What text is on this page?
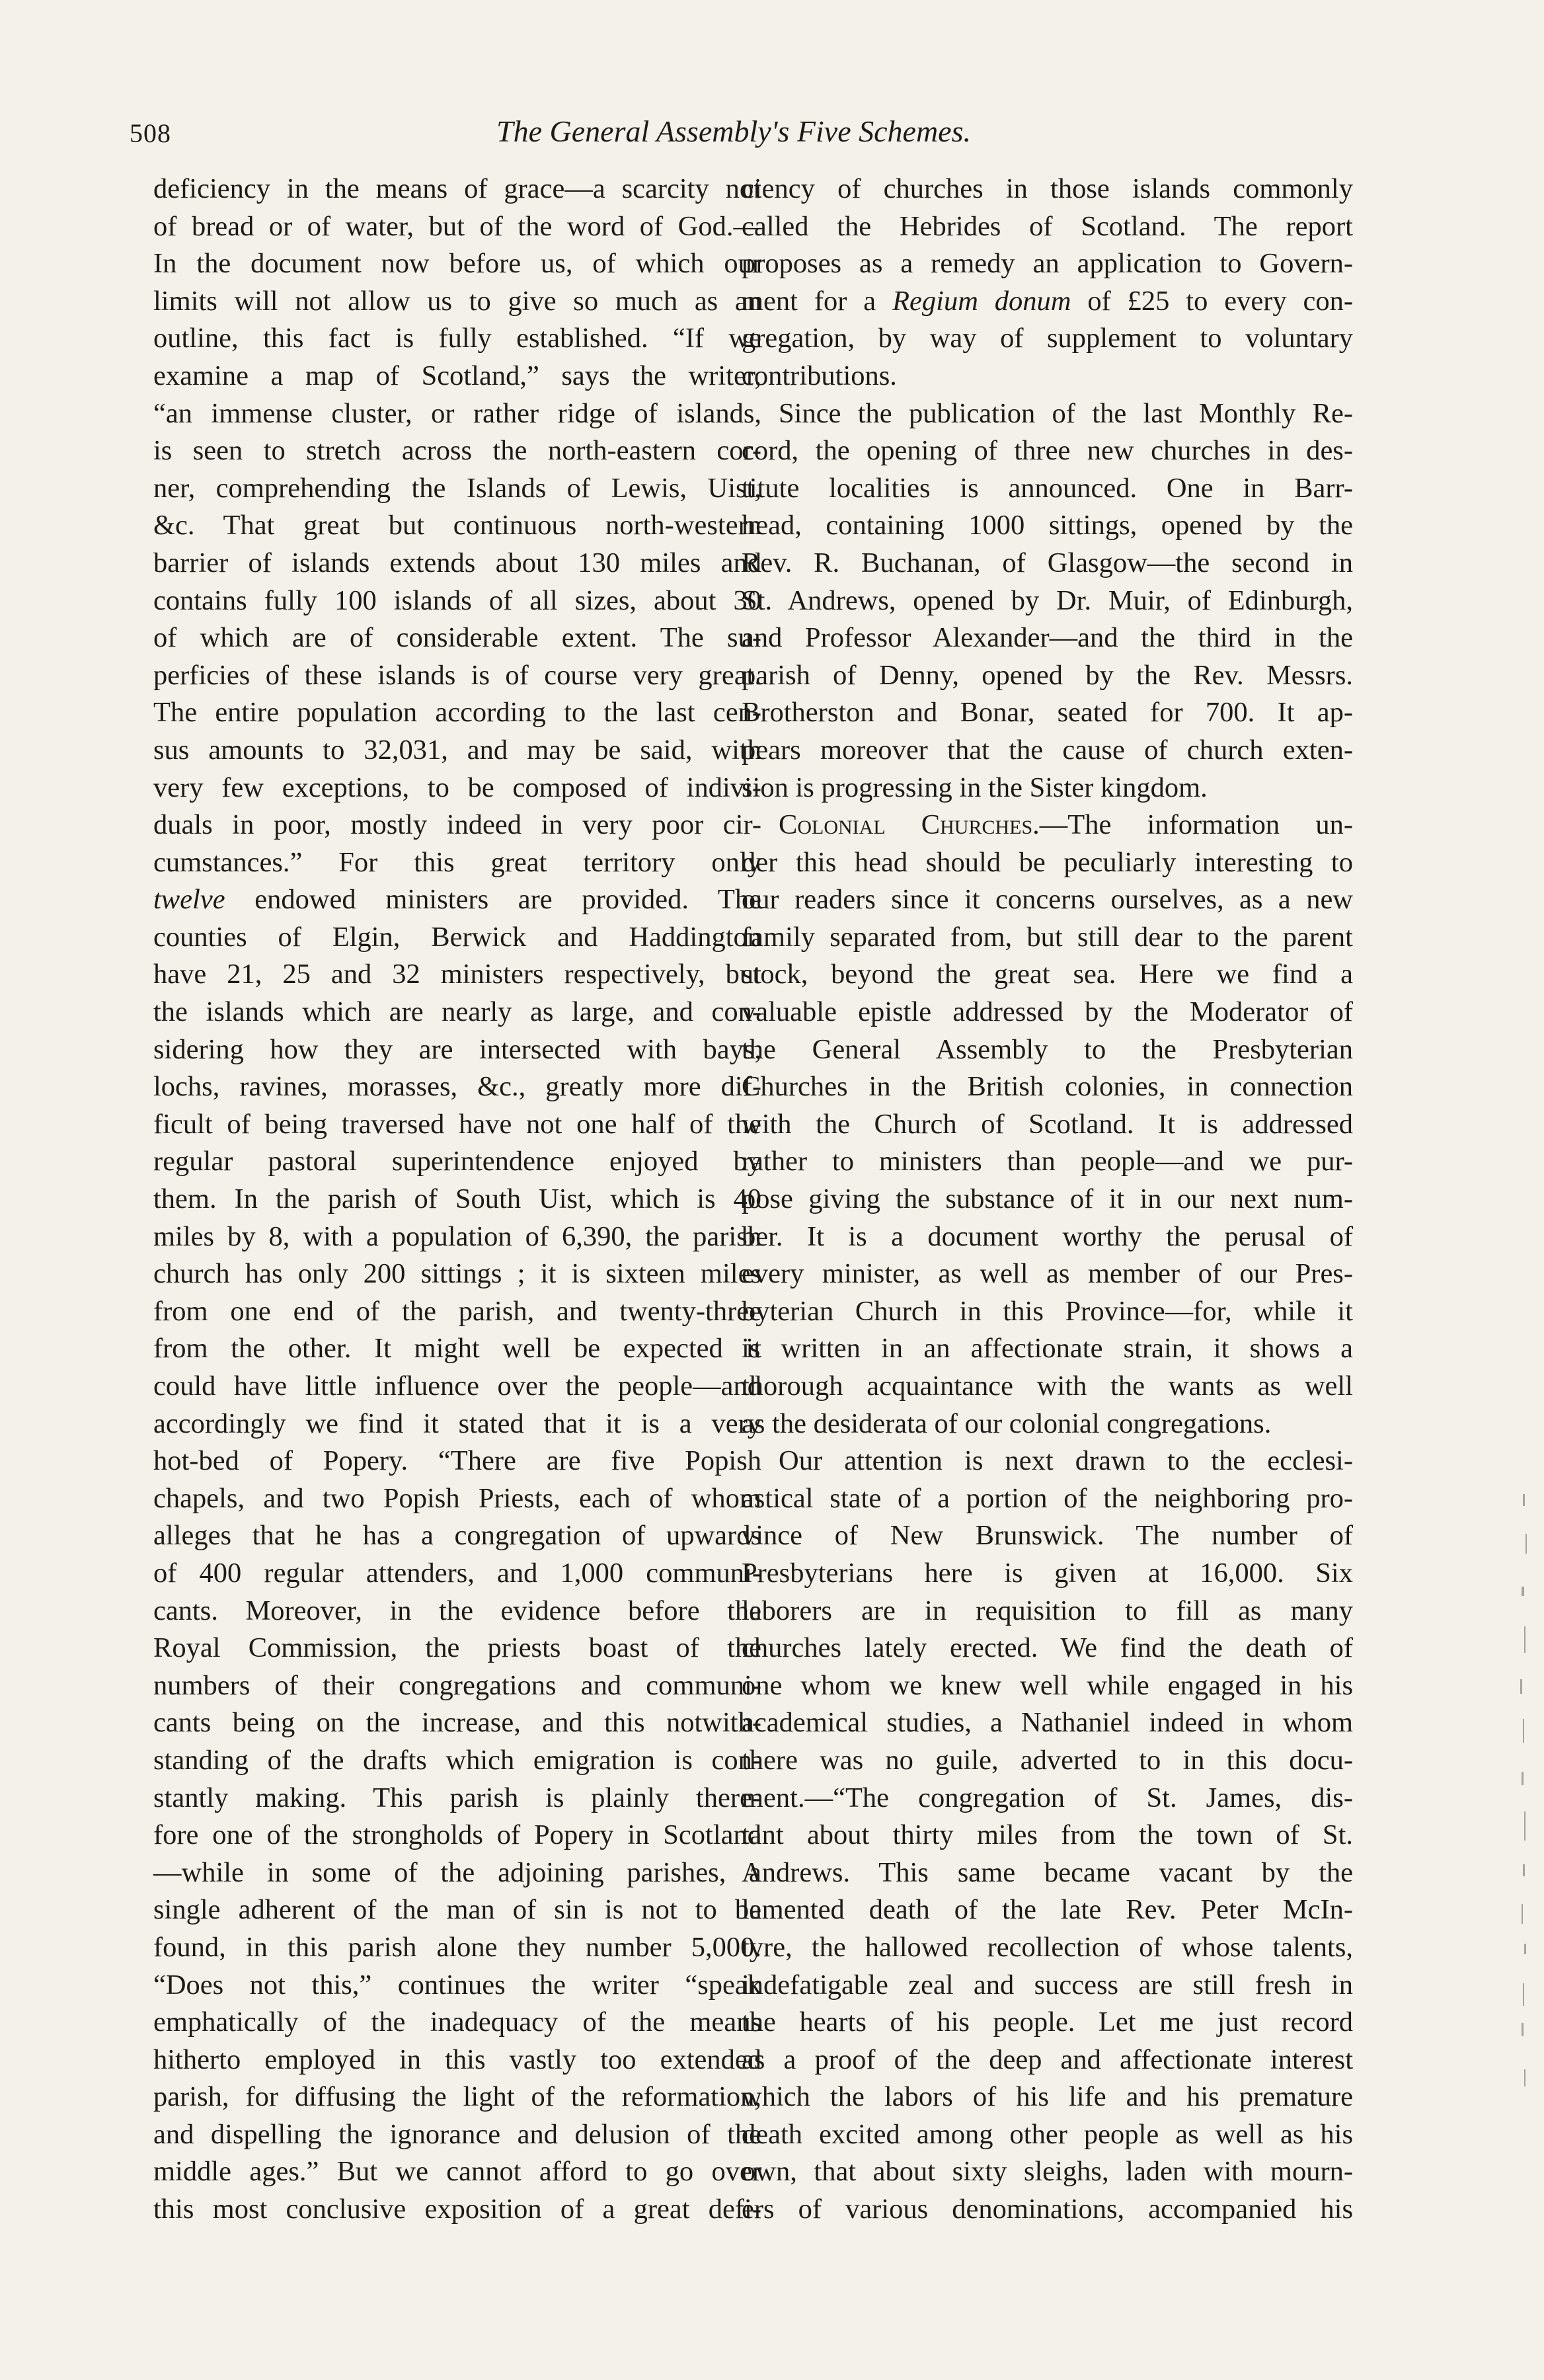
508	The General Assembly's Five Schemes.
deficiency in the means of grace—a scarcity not
of bread or of water, but of the word of God.—
In the document now before us, of which our
limits will not allow us to give so much as an
outline, this fact is fully established. “If we
examine a map of Scotland,” says the writer,
“an immense cluster, or rather ridge of islands,
is seen to stretch across the north-eastern cor-
ner, comprehending the Islands of Lewis, Uist,
&c. That great but continuous north-western
barrier of islands extends about 130 miles and
contains fully 100 islands of all sizes, about 30
of which are of considerable extent. The su-
perficies of these islands is of course very great.
The entire population according to the last cen-
sus amounts to 32,031, and may be said, with
very few exceptions, to be composed of indivi-
duals in poor, mostly indeed in very poor cir-
cumstances.” For this great territory only
twelve endowed ministers are provided. The
counties of Elgin, Berwick and Haddington
have 21, 25 and 32 ministers respectively, but
the islands which are nearly as large, and con-
sidering how they are intersected with bays,
lochs, ravines, morasses, &c., greatly more dif-
ficult of being traversed have not one half of the
regular pastoral superintendence enjoyed by
them. In the parish of South Uist, which is 40
miles by 8, with a population of 6,390, the parish
church has only 200 sittings ; it is sixteen miles
from one end of the parish, and twenty-three
from the other. It might well be expected it
could have little influence over the people—and
accordingly we find it stated that it is a very
hot-bed of Popery. “There are five Popish
chapels, and two Popish Priests, each of whom
alleges that he has a congregation of upwards
of 400 regular attenders, and 1,000 communi-
cants. Moreover, in the evidence before the
Royal Commission, the priests boast of the
numbers of their congregations and communi-
cants being on the increase, and this notwith-
standing of the drafts which emigration is con-
stantly making. This parish is plainly there-
fore one of the strongholds of Popery in Scotland
—while in some of the adjoining parishes, a
single adherent of the man of sin is not to be
found, in this parish alone they number 5,000.
“Does not this,” continues the writer “speak
emphatically of the inadequacy of the means
hitherto employed in this vastly too extended
parish, for diffusing the light of the reformation,
and dispelling the ignorance and delusion of the
middle ages.” But we cannot afford to go over
this most conclusive exposition of a great defi-
ciency of churches in those islands commonly
called the Hebrides of Scotland. The report
proposes as a remedy an application to Govern-
ment for a Regium donum of £25 to every con-
gregation, by way of supplement to voluntary
contributions.
Since the publication of the last Monthly Re-
cord, the opening of three new churches in des-
titute localities is announced. One in Barr-
head, containing 1000 sittings, opened by the
Rev. R. Buchanan, of Glasgow—the second in
St. Andrews, opened by Dr. Muir, of Edinburgh,
and Professor Alexander—and the third in the
parish of Denny, opened by the Rev. Messrs.
Brotherston and Bonar, seated for 700. It ap-
pears moreover that the cause of church exten-
sion is progressing in the Sister kingdom.
Colonial Churches.—The information un-
der this head should be peculiarly interesting to
our readers since it concerns ourselves, as a new
family separated from, but still dear to the parent
stock, beyond the great sea. Here we find a
valuable epistle addressed by the Moderator of
the General Assembly to the Presbyterian
Churches in the British colonies, in connection
with the Church of Scotland. It is addressed
rather to ministers than people—and we pur-
pose giving the substance of it in our next num-
ber. It is a document worthy the perusal of
every minister, as well as member of our Pres-
byterian Church in this Province—for, while it
is written in an affectionate strain, it shows a
thorough acquaintance with the wants as well
as the desiderata of our colonial congregations.
Our attention is next drawn to the ecclesi-
astical state of a portion of the neighboring pro-
vince of New Brunswick. The number of
Presbyterians here is given at 16,000. Six
laborers are in requisition to fill as many
churches lately erected. We find the death of
one whom we knew well while engaged in his
academical studies, a Nathaniel indeed in whom
there was no guile, adverted to in this docu-
ment.—“The congregation of St. James, dis-
tant about thirty miles from the town of St.
Andrews. This same became vacant by the
lamented death of the late Rev. Peter McIn-
tyre, the hallowed recollection of whose talents,
indefatigable zeal and success are still fresh in
the hearts of his people. Let me just record
as a proof of the deep and affectionate interest
which the labors of his life and his premature
death excited among other people as well as his
own, that about sixty sleighs, laden with mourn-
ers of various denominations, accompanied his
